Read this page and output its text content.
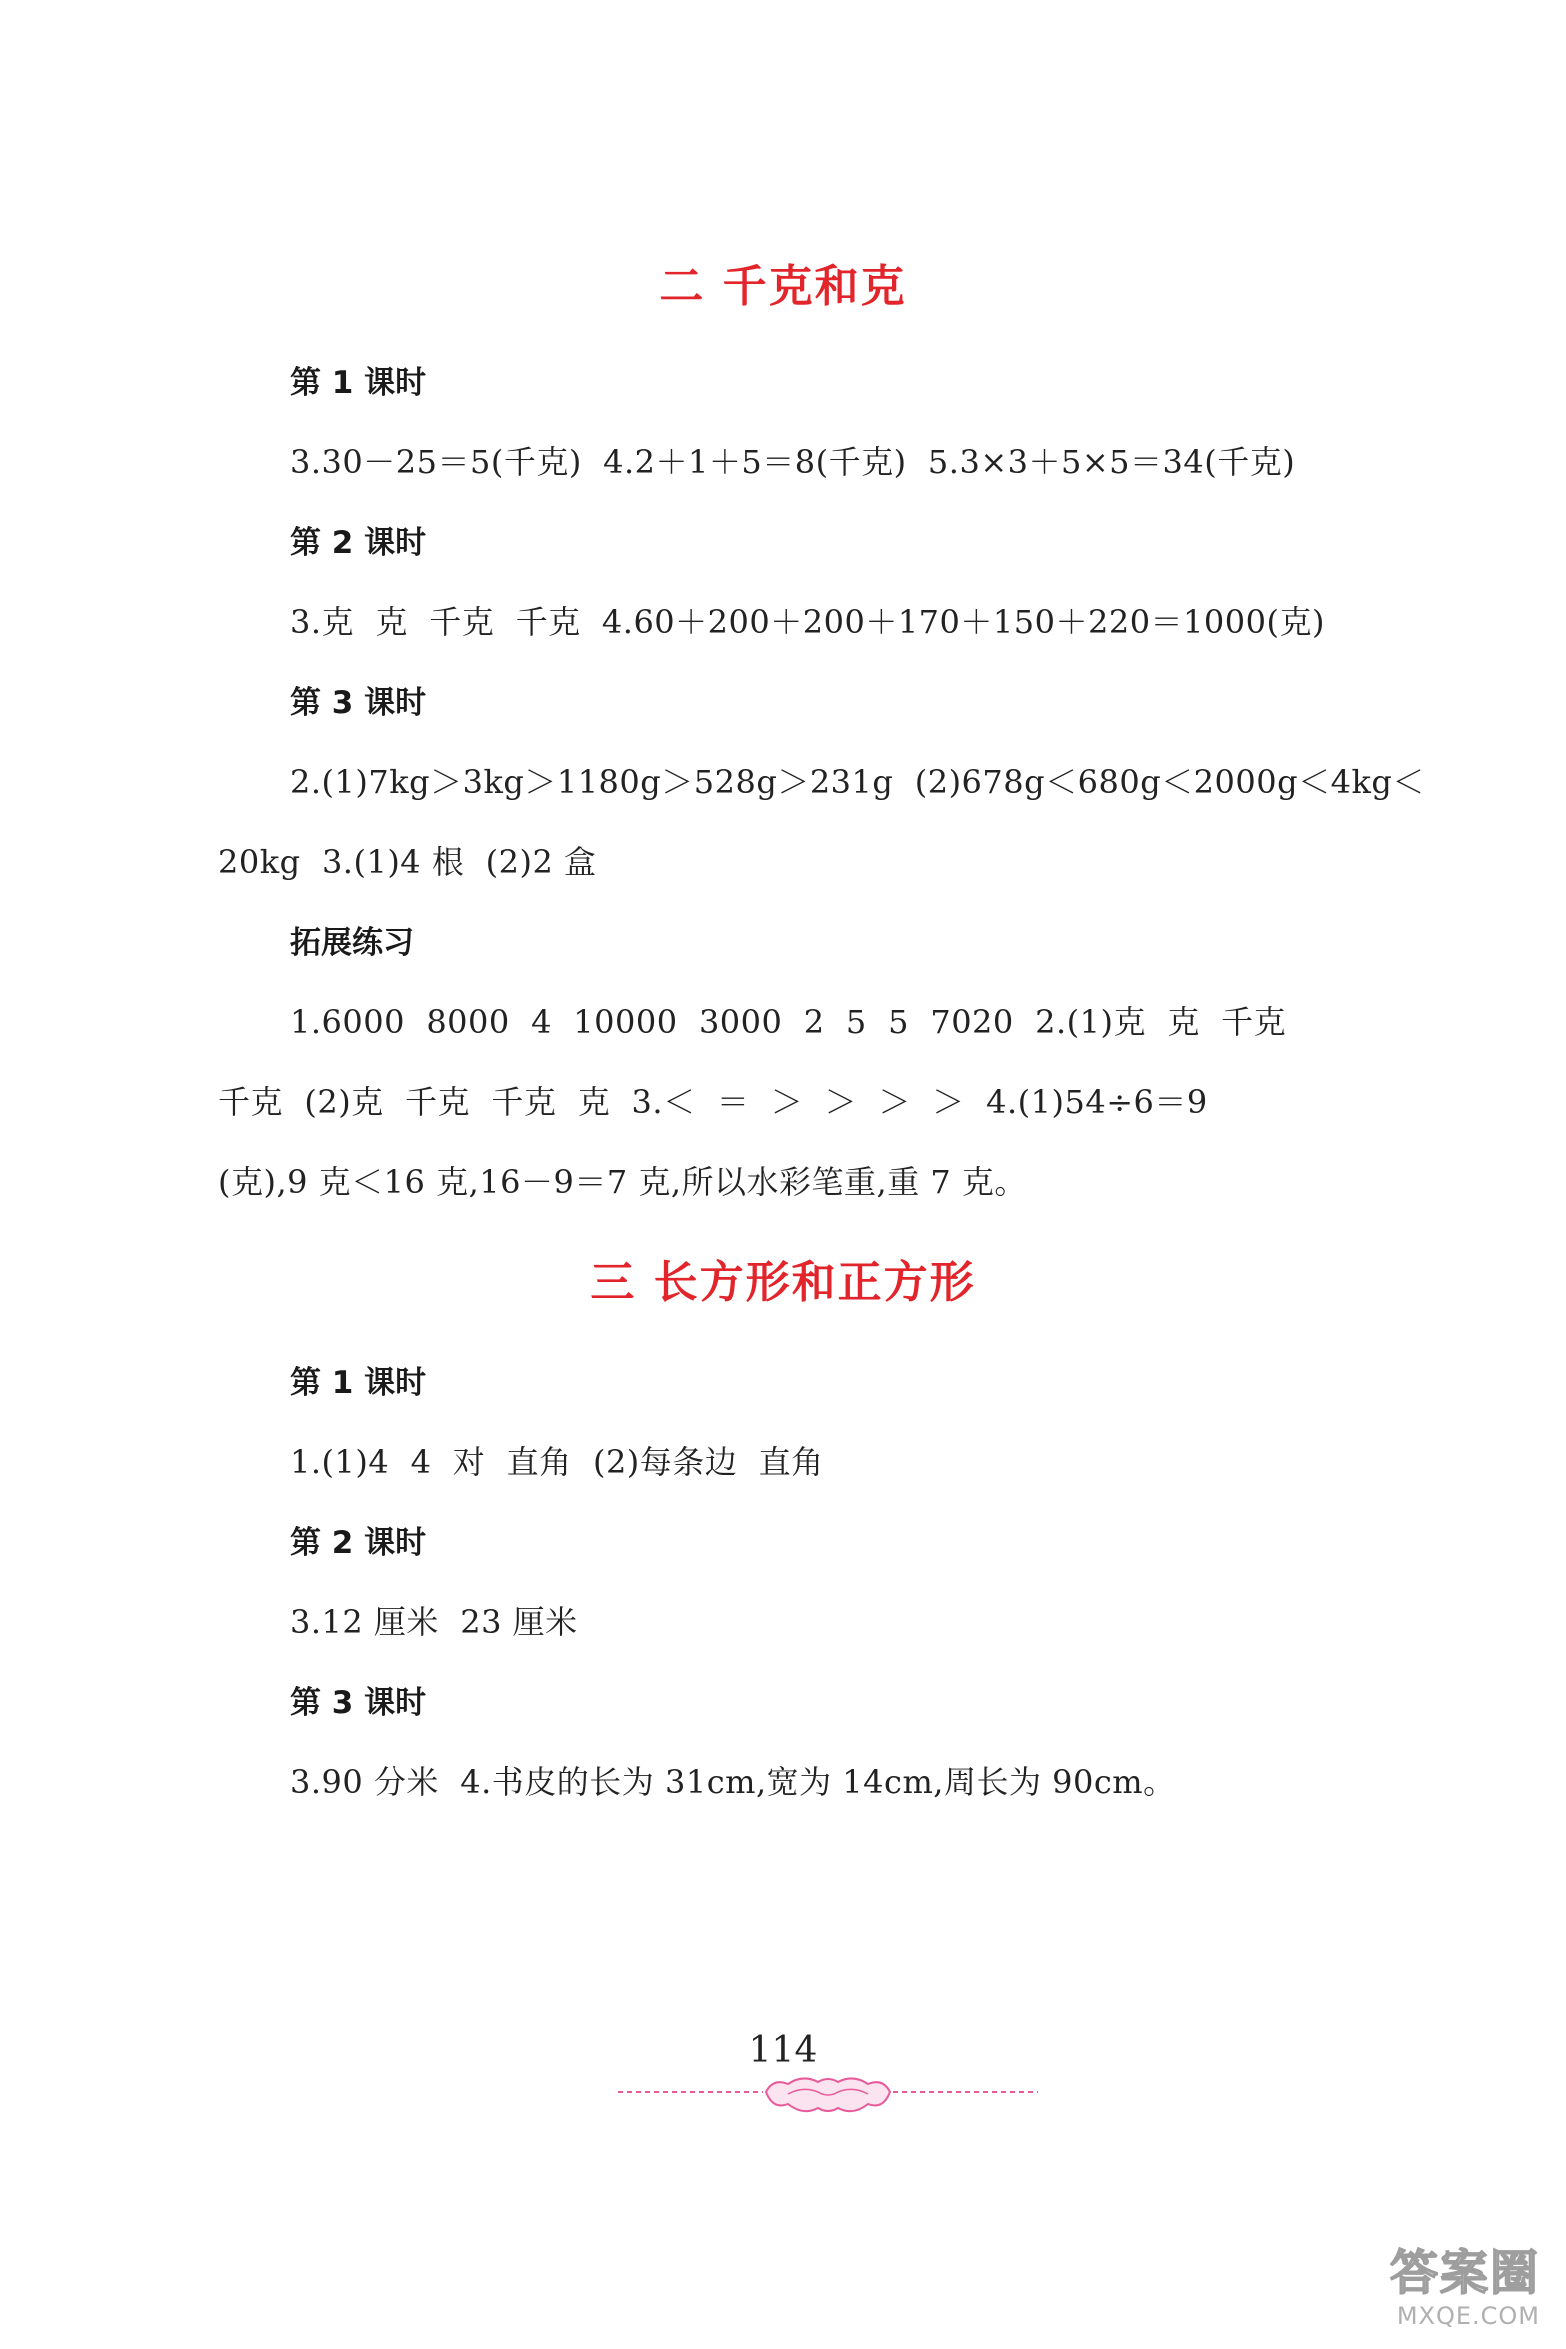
二 千克和克
第 1 课时
3.30－25＝5(千克)  4.2＋1＋5＝8(千克)  5.3×3＋5×5＝34(千克)
第 2 课时
3.克  克  千克  千克  4.60＋200＋200＋170＋150＋220＝1000(克)
第 3 课时
2.(1)7kg＞3kg＞1180g＞528g＞231g  (2)678g＜680g＜2000g＜4kg＜
20kg  3.(1)4 根  (2)2 盒
拓展练习
1.6000  8000  4  10000  3000  2  5  5  7020  2.(1)克  克  千克
千克  (2)克  千克  千克  克  3.＜  ＝  ＞  ＞  ＞  ＞  4.(1)54÷6＝9
(克),9 克＜16 克,16－9＝7 克,所以水彩笔重,重 7 克。
三 长方形和正方形
第 1 课时
1.(1)4  4  对  直角  (2)每条边  直角
第 2 课时
3.12 厘米  23 厘米
第 3 课时
3.90 分米  4.书皮的长为 31cm,宽为 14cm,周长为 90cm。
114
答案圈
MXQE.COM
